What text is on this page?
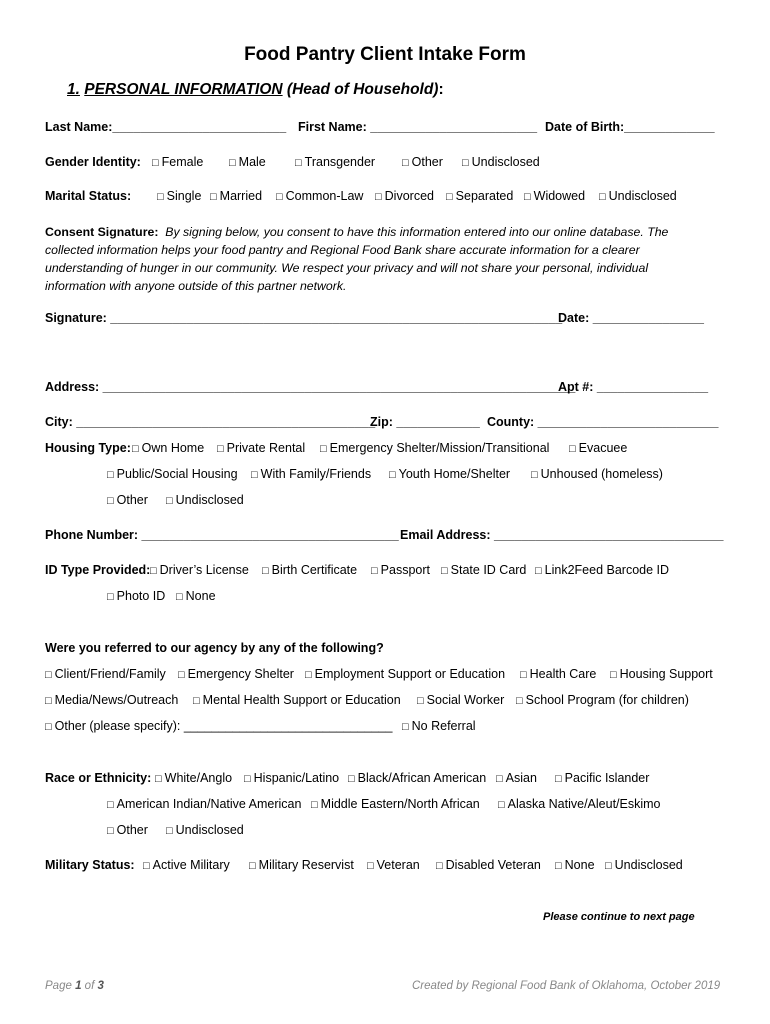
Food Pantry Client Intake Form
1. PERSONAL INFORMATION (Head of Household):
Last Name:_________________________ First Name: ________________________ Date of Birth:_____________
Gender Identity: □ Female □ Male	□ Transgender □ Other □ Undisclosed
Marital Status: □ Single □ Married □ Common-Law □ Divorced □ Separated □ Widowed □ Undisclosed
Consent Signature: By signing below, you consent to have this information entered into our online database. The collected information helps your food pantry and Regional Food Bank share accurate information for a clearer understanding of hunger in our community. We respect your privacy and will not share your personal, individual information with anyone outside of this partner network.
Signature: _________________________________________________________________
Date: ________________
Address: ____________________________________________________________________
Apt #: ________________
City: ___________________________________________
Zip: ____________ County: __________________________
Housing Type: □ Own Home □ Private Rental □ Emergency Shelter/Mission/Transitional □ Evacuee
□ Public/Social Housing □ With Family/Friends □ Youth Home/Shelter □ Unhoused (homeless)
□ Other □ Undisclosed
Phone Number: _____________________________________ Email Address: _________________________________
ID Type Provided: □ Driver’s License □ Birth Certificate □ Passport □ State ID Card □ Link2Feed Barcode ID
□ Photo ID □ None
Were you referred to our agency by any of the following?
□ Client/Friend/Family □ Emergency Shelter □ Employment Support or Education □ Health Care □ Housing Support
□ Media/News/Outreach □ Mental Health Support or Education □ Social Worker □ School Program (for children)
□ Other (please specify): ______________________________ □ No Referral
Race or Ethnicity: □ White/Anglo □ Hispanic/Latino □ Black/African American □ Asian □ Pacific Islander
□ American Indian/Native American □ Middle Eastern/North African □ Alaska Native/Aleut/Eskimo
□ Other □ Undisclosed
Military Status: □ Active Military □ Military Reservist □ Veteran □ Disabled Veteran □ None □ Undisclosed
Please continue to next page
Page 1 of 3	Created by Regional Food Bank of Oklahoma, October 2019
